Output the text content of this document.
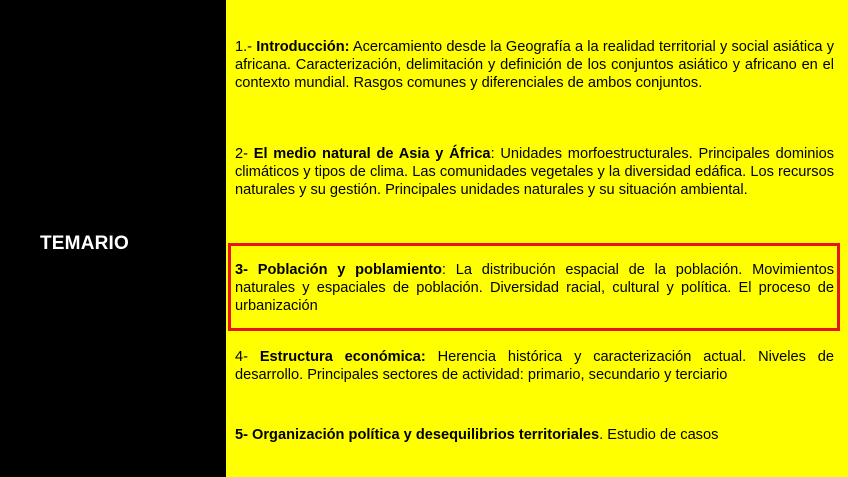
TEMARIO
1.- Introducción: Acercamiento desde la Geografía a la realidad territorial y social asiática y africana. Caracterización, delimitación y definición de los conjuntos asiático y africano en el contexto mundial. Rasgos comunes y diferenciales de ambos conjuntos.
2- El medio natural de Asia y África: Unidades morfoestructurales. Principales dominios climáticos y tipos de clima. Las comunidades vegetales y la diversidad edáfica. Los recursos naturales y su gestión. Principales unidades naturales y su situación ambiental.
3- Población y poblamiento: La distribución espacial de la población. Movimientos naturales y espaciales de población. Diversidad racial, cultural y política. El proceso de urbanización
4- Estructura económica: Herencia histórica y caracterización actual. Niveles de desarrollo. Principales sectores de actividad: primario, secundario y terciario
5- Organización política y desequilibrios territoriales. Estudio de casos
